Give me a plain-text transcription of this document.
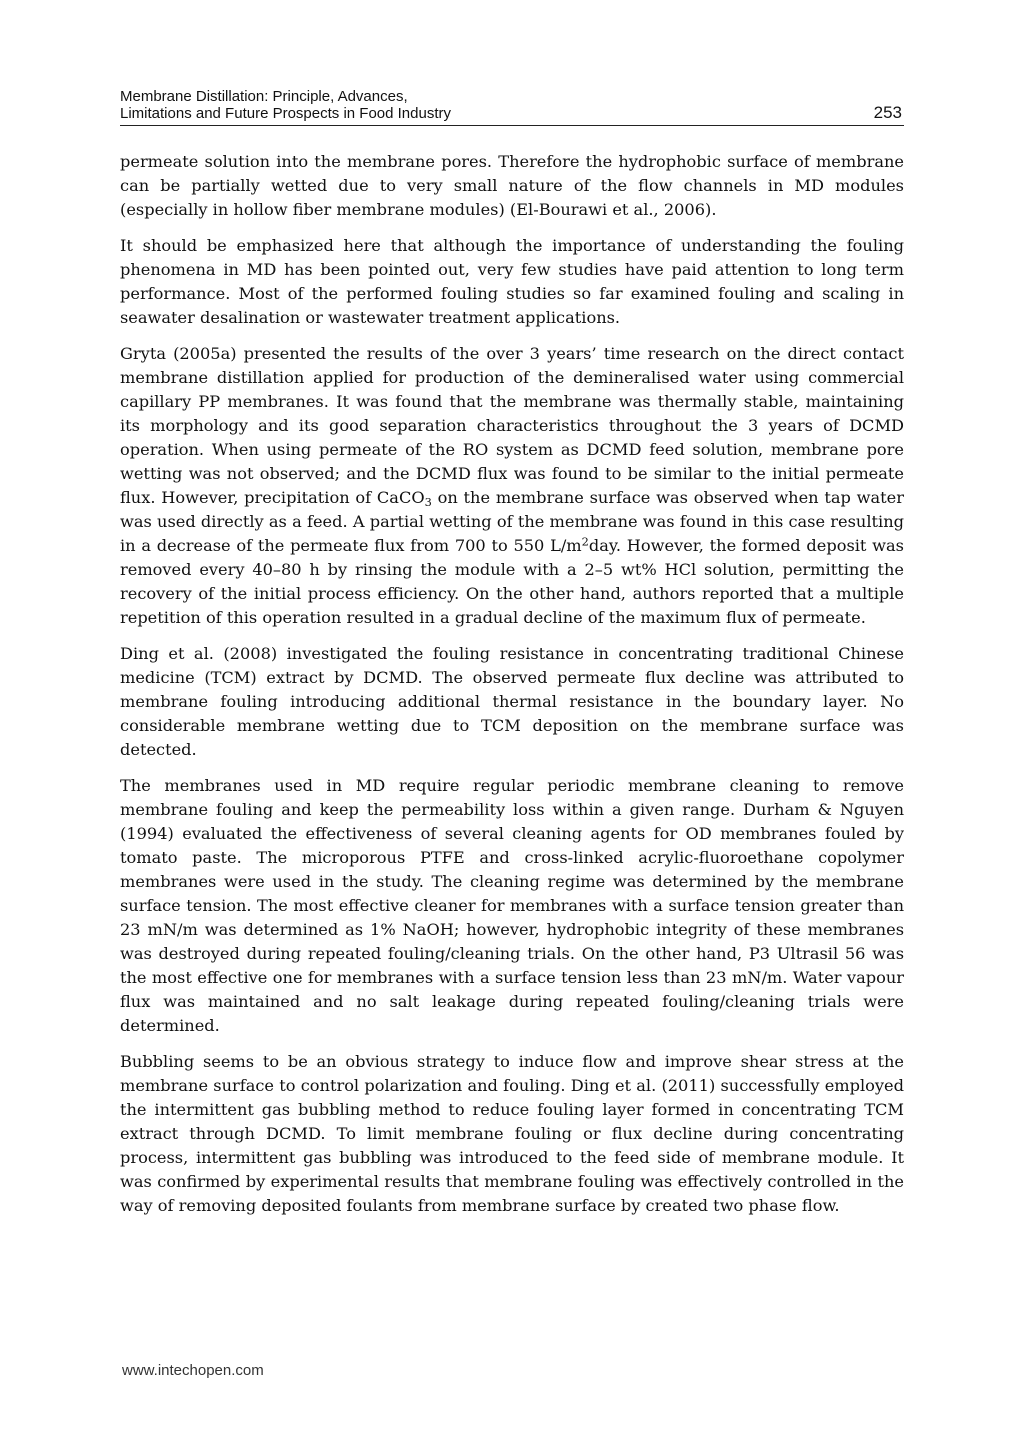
Membrane Distillation: Principle, Advances,
Limitations and Future Prospects in Food Industry	253

permeate solution into the membrane pores. Therefore the hydrophobic surface of membrane can be partially wetted due to very small nature of the flow channels in MD modules (especially in hollow fiber membrane modules) (El-Bourawi et al., 2006).

It should be emphasized here that although the importance of understanding the fouling phenomena in MD has been pointed out, very few studies have paid attention to long term performance. Most of the performed fouling studies so far examined fouling and scaling in seawater desalination or wastewater treatment applications.

Gryta (2005a) presented the results of the over 3 years’ time research on the direct contact membrane distillation applied for production of the demineralised water using commercial capillary PP membranes. It was found that the membrane was thermally stable, maintaining its morphology and its good separation characteristics throughout the 3 years of DCMD operation. When using permeate of the RO system as DCMD feed solution, membrane pore wetting was not observed; and the DCMD flux was found to be similar to the initial permeate flux. However, precipitation of CaCO$_3$ on the membrane surface was observed when tap water was used directly as a feed. A partial wetting of the membrane was found in this case resulting in a decrease of the permeate flux from 700 to 550 $L/m^2day$. However, the formed deposit was removed every 40–80 h by rinsing the module with a 2–5 wt% HCl solution, permitting the recovery of the initial process efficiency. On the other hand, authors reported that a multiple repetition of this operation resulted in a gradual decline of the maximum flux of permeate.

Ding et al. (2008) investigated the fouling resistance in concentrating traditional Chinese medicine (TCM) extract by DCMD. The observed permeate flux decline was attributed to membrane fouling introducing additional thermal resistance in the boundary layer. No considerable membrane wetting due to TCM deposition on the membrane surface was detected.

The membranes used in MD require regular periodic membrane cleaning to remove membrane fouling and keep the permeability loss within a given range. Durham & Nguyen (1994) evaluated the effectiveness of several cleaning agents for OD membranes fouled by tomato paste. The microporous PTFE and cross-linked acrylic-fluoroethane copolymer membranes were used in the study. The cleaning regime was determined by the membrane surface tension. The most effective cleaner for membranes with a surface tension greater than 23 mN/m was determined as 1% NaOH; however, hydrophobic integrity of these membranes was destroyed during repeated fouling/cleaning trials. On the other hand, P3 Ultrasil 56 was the most effective one for membranes with a surface tension less than 23 mN/m. Water vapour flux was maintained and no salt leakage during repeated fouling/cleaning trials were determined.

Bubbling seems to be an obvious strategy to induce flow and improve shear stress at the membrane surface to control polarization and fouling. Ding et al. (2011) successfully employed the intermittent gas bubbling method to reduce fouling layer formed in concentrating TCM extract through DCMD. To limit membrane fouling or flux decline during concentrating process, intermittent gas bubbling was introduced to the feed side of membrane module. It was confirmed by experimental results that membrane fouling was effectively controlled in the way of removing deposited foulants from membrane surface by created two phase flow.

www.intechopen.com
